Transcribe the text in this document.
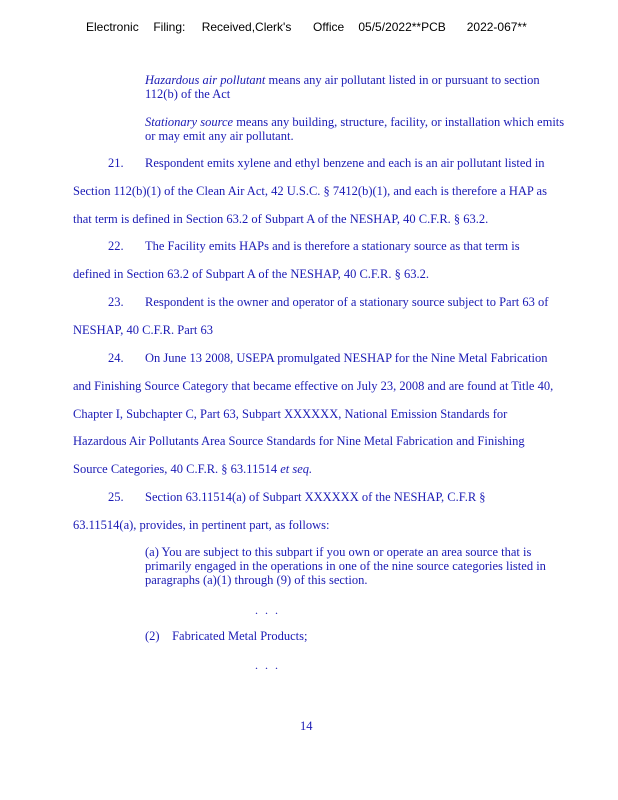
Electronic Filing: Received,Clerk's Office 05/5/2022**PCB 2022-067**
Hazardous air pollutant means any air pollutant listed in or pursuant to section 112(b) of the Act
Stationary source means any building, structure, facility, or installation which emits or may emit any air pollutant.
21. Respondent emits xylene and ethyl benzene and each is an air pollutant listed in
Section 112(b)(1) of the Clean Air Act, 42 U.S.C. § 7412(b)(1), and each is therefore a HAP as
that term is defined in Section 63.2 of Subpart A of the NESHAP, 40 C.F.R. § 63.2.
22. The Facility emits HAPs and is therefore a stationary source as that term is
defined in Section 63.2 of Subpart A of the NESHAP, 40 C.F.R. § 63.2.
23. Respondent is the owner and operator of a stationary source subject to Part 63 of
NESHAP, 40 C.F.R. Part 63
24. On June 13 2008, USEPA promulgated NESHAP for the Nine Metal Fabrication
and Finishing Source Category that became effective on July 23, 2008 and are found at Title 40,
Chapter I, Subchapter C, Part 63, Subpart XXXXXX, National Emission Standards for
Hazardous Air Pollutants Area Source Standards for Nine Metal Fabrication and Finishing
Source Categories, 40 C.F.R. § 63.11514 et seq.
25. Section 63.11514(a) of Subpart XXXXXX of the NESHAP, C.F.R §
63.11514(a), provides, in pertinent part, as follows:
(a) You are subject to this subpart if you own or operate an area source that is primarily engaged in the operations in one of the nine source categories listed in paragraphs (a)(1) through (9) of this section.
. . .
(2)    Fabricated Metal Products;
. . .
14
